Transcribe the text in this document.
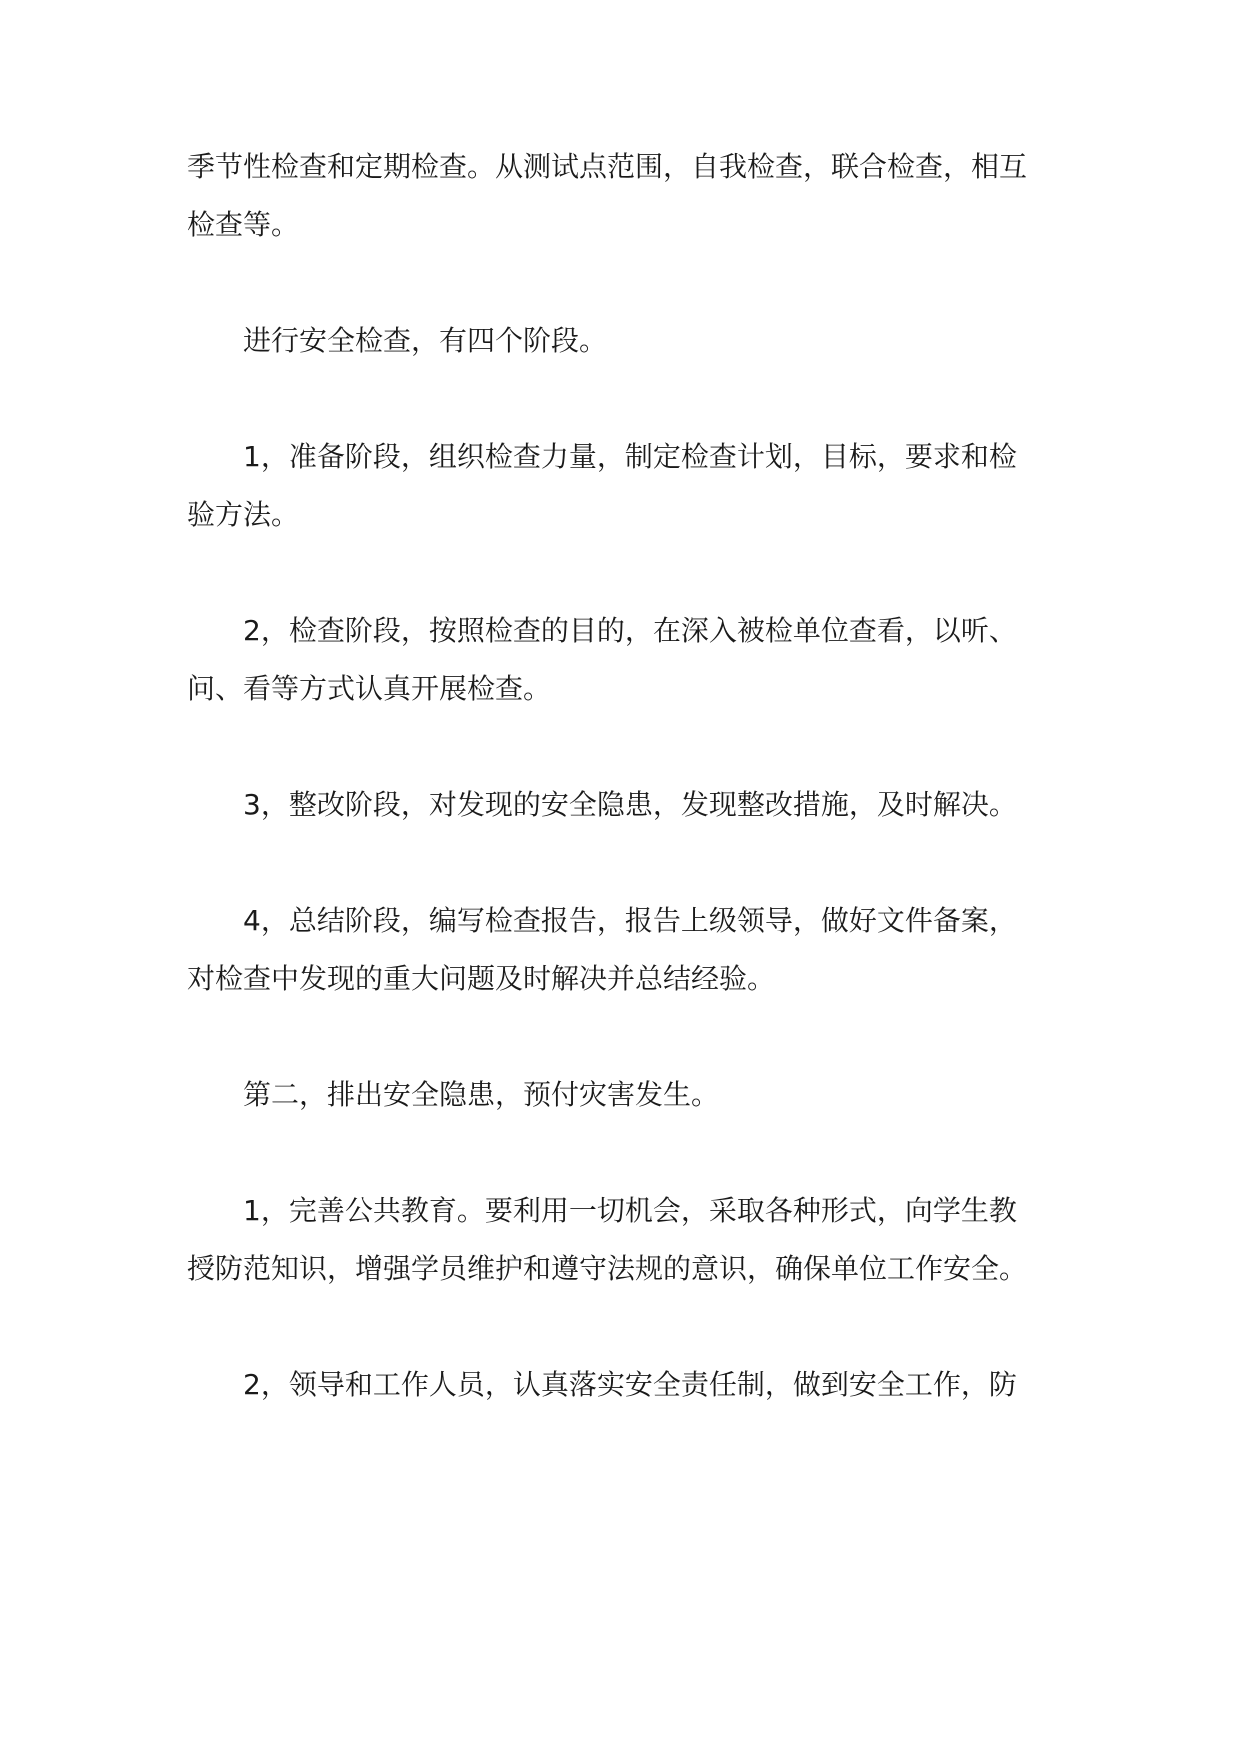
季节性检查和定期检查。从测试点范围，自我检查，联合检查，相互
检查等。

　　进行安全检查，有四个阶段。

　　1，准备阶段，组织检查力量，制定检查计划，目标，要求和检
验方法。

　　2，检查阶段，按照检查的目的，在深入被检单位查看，以听、
问、看等方式认真开展检查。

　　3，整改阶段，对发现的安全隐患，发现整改措施，及时解决。

　　4，总结阶段，编写检查报告，报告上级领导，做好文件备案，
对检查中发现的重大问题及时解决并总结经验。

　　第二，排出安全隐患，预付灾害发生。

　　1，完善公共教育。要利用一切机会，采取各种形式，向学生教
授防范知识，增强学员维护和遵守法规的意识，确保单位工作安全。

　　2，领导和工作人员，认真落实安全责任制，做到安全工作，防
